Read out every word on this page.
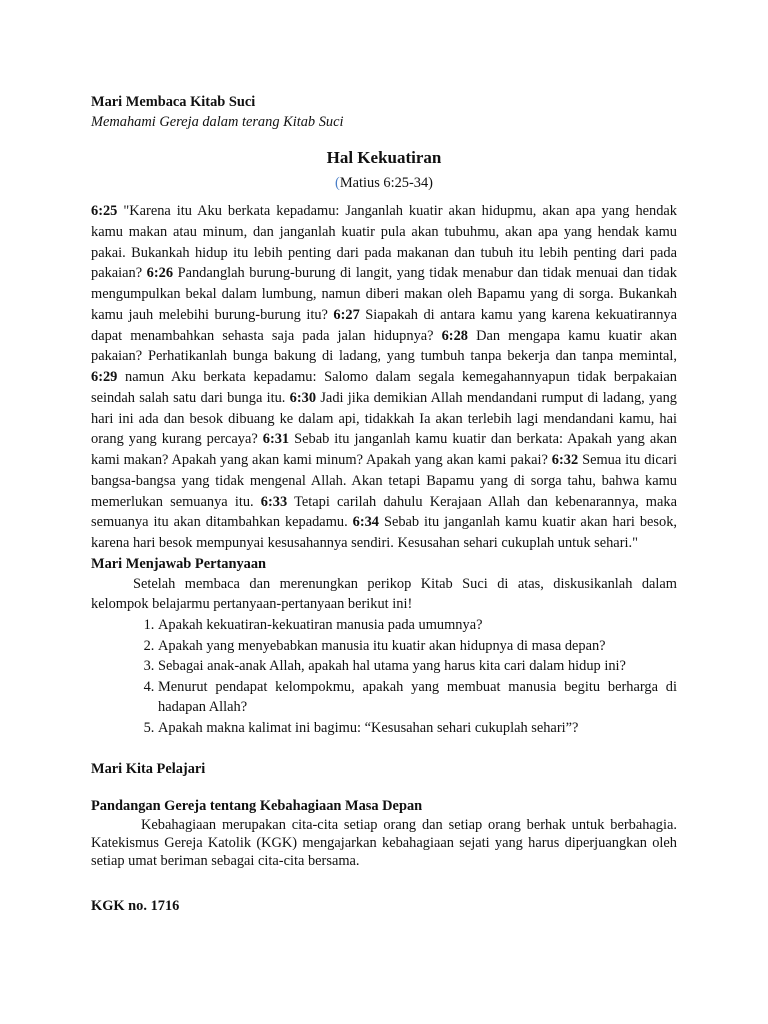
Mari Membaca Kitab Suci

Memahami Gereja dalam terang Kitab Suci

Hal Kekuatiran
(Matius 6:25-34)
6:25 "Karena itu Aku berkata kepadamu: Janganlah kuatir akan hidupmu, akan apa yang hendak kamu makan atau minum, dan janganlah kuatir pula akan tubuhmu, akan apa yang hendak kamu pakai. Bukankah hidup itu lebih penting dari pada makanan dan tubuh itu lebih penting dari pada pakaian? 6:26 Pandanglah burung-burung di langit, yang tidak menabur dan tidak menuai dan tidak mengumpulkan bekal dalam lumbung, namun diberi makan oleh Bapamu yang di sorga. Bukankah kamu jauh melebihi burung-burung itu? 6:27 Siapakah di antara kamu yang karena kekuatirannya dapat menambahkan sehasta saja pada jalan hidupnya? 6:28 Dan mengapa kamu kuatir akan pakaian? Perhatikanlah bunga bakung di ladang, yang tumbuh tanpa bekerja dan tanpa memintal, 6:29 namun Aku berkata kepadamu: Salomo dalam segala kemegahannyapun tidak berpakaian seindah salah satu dari bunga itu. 6:30 Jadi jika demikian Allah mendandani rumput di ladang, yang hari ini ada dan besok dibuang ke dalam api, tidakkah Ia akan terlebih lagi mendandani kamu, hai orang yang kurang percaya? 6:31 Sebab itu janganlah kamu kuatir dan berkata: Apakah yang akan kami makan? Apakah yang akan kami minum? Apakah yang akan kami pakai? 6:32 Semua itu dicari bangsa-bangsa yang tidak mengenal Allah. Akan tetapi Bapamu yang di sorga tahu, bahwa kamu memerlukan semuanya itu. 6:33 Tetapi carilah dahulu Kerajaan Allah dan kebenarannya, maka semuanya itu akan ditambahkan kepadamu. 6:34 Sebab itu janganlah kamu kuatir akan hari besok, karena hari besok mempunyai kesusahannya sendiri. Kesusahan sehari cukuplah untuk sehari."

Mari Menjawab Pertanyaan

Setelah membaca dan merenungkan perikop Kitab Suci di atas, diskusikanlah dalam kelompok belajarmu pertanyaan-pertanyaan berikut ini!

1. Apakah kekuatiran-kekuatiran manusia pada umumnya?
2. Apakah yang menyebabkan manusia itu kuatir akan hidupnya di masa depan?
3. Sebagai anak-anak Allah, apakah hal utama yang harus kita cari dalam hidup ini?
4. Menurut pendapat kelompokmu, apakah yang membuat manusia begitu berharga di hadapan Allah?
5. Apakah makna kalimat ini bagimu: “Kesusahan sehari cukuplah sehari”?

Mari Kita Pelajari

Pandangan Gereja tentang Kebahagiaan Masa Depan

Kebahagiaan merupakan cita-cita setiap orang dan setiap orang berhak untuk berbahagia. Katekismus Gereja Katolik (KGK) mengajarkan kebahagiaan sejati yang harus diperjuangkan oleh setiap umat beriman sebagai cita-cita bersama.

KGK no. 1716
